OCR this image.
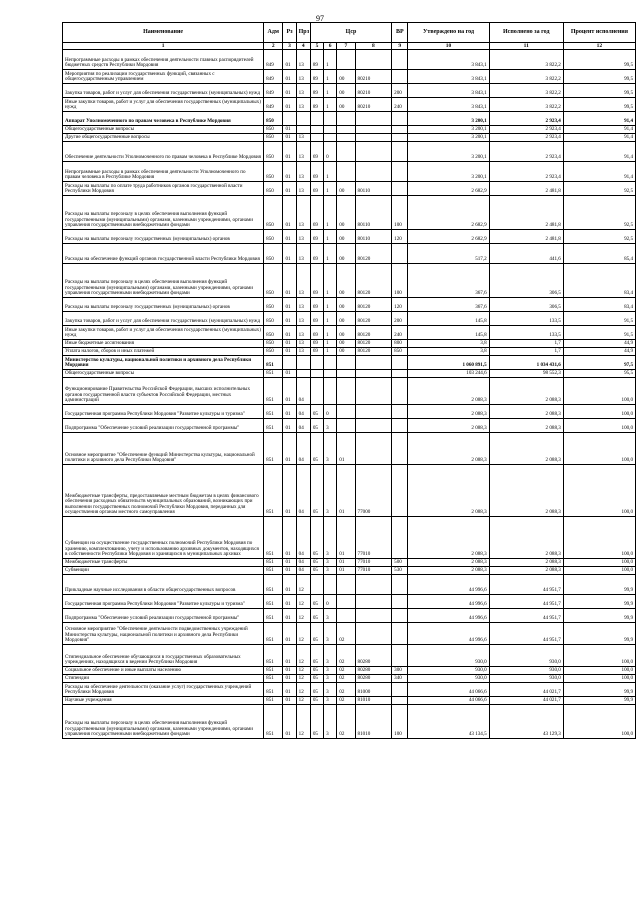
97
Наименование	Адм	Рз	Прз	Цср				ВР	Утверждено на год	Исполнено за год	Процент исполнения
1	2	3	4	5	6	7	8	9	10	11	12
Непрограммные расходы в рамках обеспечения деятельности главных распорядителей бюджетных средств Республики Мордовия	849	01	13	89	1				3 843,1	3 822,2	99,5
Мероприятия по реализации государственных функций, связанных с общегосударственным управлением	849	01	13	89	1	00	80210		3 843,1	3 822,2	99,5
Закупка товаров, работ и услуг для обеспечения государственных (муниципальных) нужд	849	01	13	89	1	00	80210	200	3 843,1	3 822,2	99,5
Иные закупки товаров, работ и услуг для обеспечения государственных (муниципальных) нужд	849	01	13	89	1	00	80210	240	3 843,1	3 822,2	99,5
Аппарат Уполномоченного по правам человека в Республике Мордовия	850								3 200,1	2 923,4	91,4
Общегосударственные вопросы	850	01							3 200,1	2 923,4	91,4
Другие общегосударственные вопросы	850	01	13						3 200,1	2 923,4	91,4
Обеспечение деятельности Уполномоченного по правам человека в Республике Мордовия	850	01	13	69	0				3 200,1	2 923,4	91,4
Непрограммные расходы в рамках обеспечения деятельности Уполномоченного по правам человека в Республике Мордовия	850	01	13	69	1				3 200,1	2 923,4	91,4
Расходы на выплаты по оплате труда работников органов государственной власти Республики Мордовия	850	01	13	69	1	00	80110		2 682,9	2 481,8	92,5
Расходы на выплаты персоналу в целях обеспечения выполнения функций государственными (муниципальными) органами, казенными учреждениями, органами управления государственными внебюджетными фондами	850	01	13	69	1	00	80110	100	2 682,9	2 481,8	92,5
Расходы на выплаты персоналу государственных (муниципальных) органов	850	01	13	69	1	00	80110	120	2 682,9	2 481,8	92,5
Расходы на обеспечение функций органов государственной власти Республики Мордовия	850	01	13	69	1	00	80120		517,2	441,6	85,4
Расходы на выплаты персоналу в целях обеспечения выполнения функций государственными (муниципальными) органами, казенными учреждениями, органами управления государственными внебюджетными фондами	850	01	13	69	1	00	80120	100	367,6	306,5	83,4
Расходы на выплаты персоналу государственных (муниципальных) органов	850	01	13	69	1	00	80120	120	367,6	306,5	83,4
Закупка товаров, работ и услуг для обеспечения государственных (муниципальных) нужд	850	01	13	69	1	00	80120	200	145,8	133,5	91,5
Иные закупки товаров, работ и услуг для обеспечения государственных (муниципальных) нужд	850	01	13	69	1	00	80120	240	145,8	133,5	91,5
Иные бюджетные ассигнования	850	01	13	69	1	00	80120	800	3,8	1,7	44,9
Уплата налогов, сборов и иных платежей	850	01	13	69	1	00	80120	850	3,8	1,7	44,9
Министерство культуры, национальной политики и архивного дела Республики Мордовия	851								1 060 891,5	1 034 431,6	97,5
Общегосударственные вопросы	851	01							103 244,6	98 552,3	95,5
Функционирование Правительства Российской Федерации, высших исполнительных органов государственной власти субъектов Российской Федерации, местных администраций	851	01	04						2 088,3	2 088,3	100,0
Государственная программа Республики Мордовия "Развитие культуры и туризма"	851	01	04	05	0				2 088,3	2 088,3	100,0
Подпрограмма "Обеспечение условий реализации государственной программы"	851	01	04	05	3				2 088,3	2 088,3	100,0
Основное мероприятие "Обеспечение функций Министерства культуры, национальной политики и архивного дела Республики Мордовия"	851	01	04	05	3	01			2 088,3	2 088,3	100,0
Межбюджетные трансферты, предоставляемые местным бюджетам в целях финансового обеспечения расходных обязательств муниципальных образований, возникающих при выполнении государственных полномочий Республики Мордовия, переданных для осуществления органам местного самоуправления	851	01	04	05	3	01	77000		2 088,3	2 088,3	100,0
Субвенции на осуществление государственных полномочий Республики Мордовия по хранению, комплектованию, учету и использованию архивных документов, находящихся в собственности Республики Мордовия и хранящихся в муниципальных архивах	851	01	04	05	3	01	77010		2 088,3	2 088,3	100,0
Межбюджетные трансферты	851	01	04	05	3	01	77010	500	2 088,3	2 088,3	100,0
Субвенции	851	01	04	05	3	01	77010	530	2 088,3	2 088,3	100,0
Прикладные научные исследования в области общегосударственных вопросов	851	01	12						44 996,6	44 951,7	99,9
Государственная программа Республики Мордовия "Развитие культуры и туризма"	851	01	12	05	0				44 996,6	44 951,7	99,9
Подпрограмма "Обеспечение условий реализации государственной программы"	851	01	12	05	3				44 996,6	44 951,7	99,9
Основное мероприятие "Обеспечение деятельности подведомственных учреждений Министерства культуры, национальной политики и архивного дела Республики Мордовия"	851	01	12	05	3	02			44 996,6	44 951,7	99,9
Стипендиальное обеспечение обучающихся в государственных образовательных учреждениях, находящихся в ведении Республики Мордовия	851	01	12	05	3	02	80280		930,0	930,0	100,0
Социальное обеспечение и иные выплаты населению	851	01	12	05	3	02	80280	300	930,0	930,0	100,0
Стипендии	851	01	12	05	3	02	80280	340	930,0	930,0	100,0
Расходы на обеспечение деятельности (оказание услуг) государственных учреждений Республики Мордовия	851	01	12	05	3	02	81000		44 066,6	44 021,7	99,9
Научные учреждения	851	01	12	05	3	02	81010		44 066,6	44 021,7	99,9
Расходы на выплаты персоналу в целях обеспечения выполнения функций государственными (муниципальными) органами, казенными учреждениями, органами управления государственными внебюджетными фондами	851	01	12	05	3	02	81010	100	43 134,5	43 129,3	100,0
